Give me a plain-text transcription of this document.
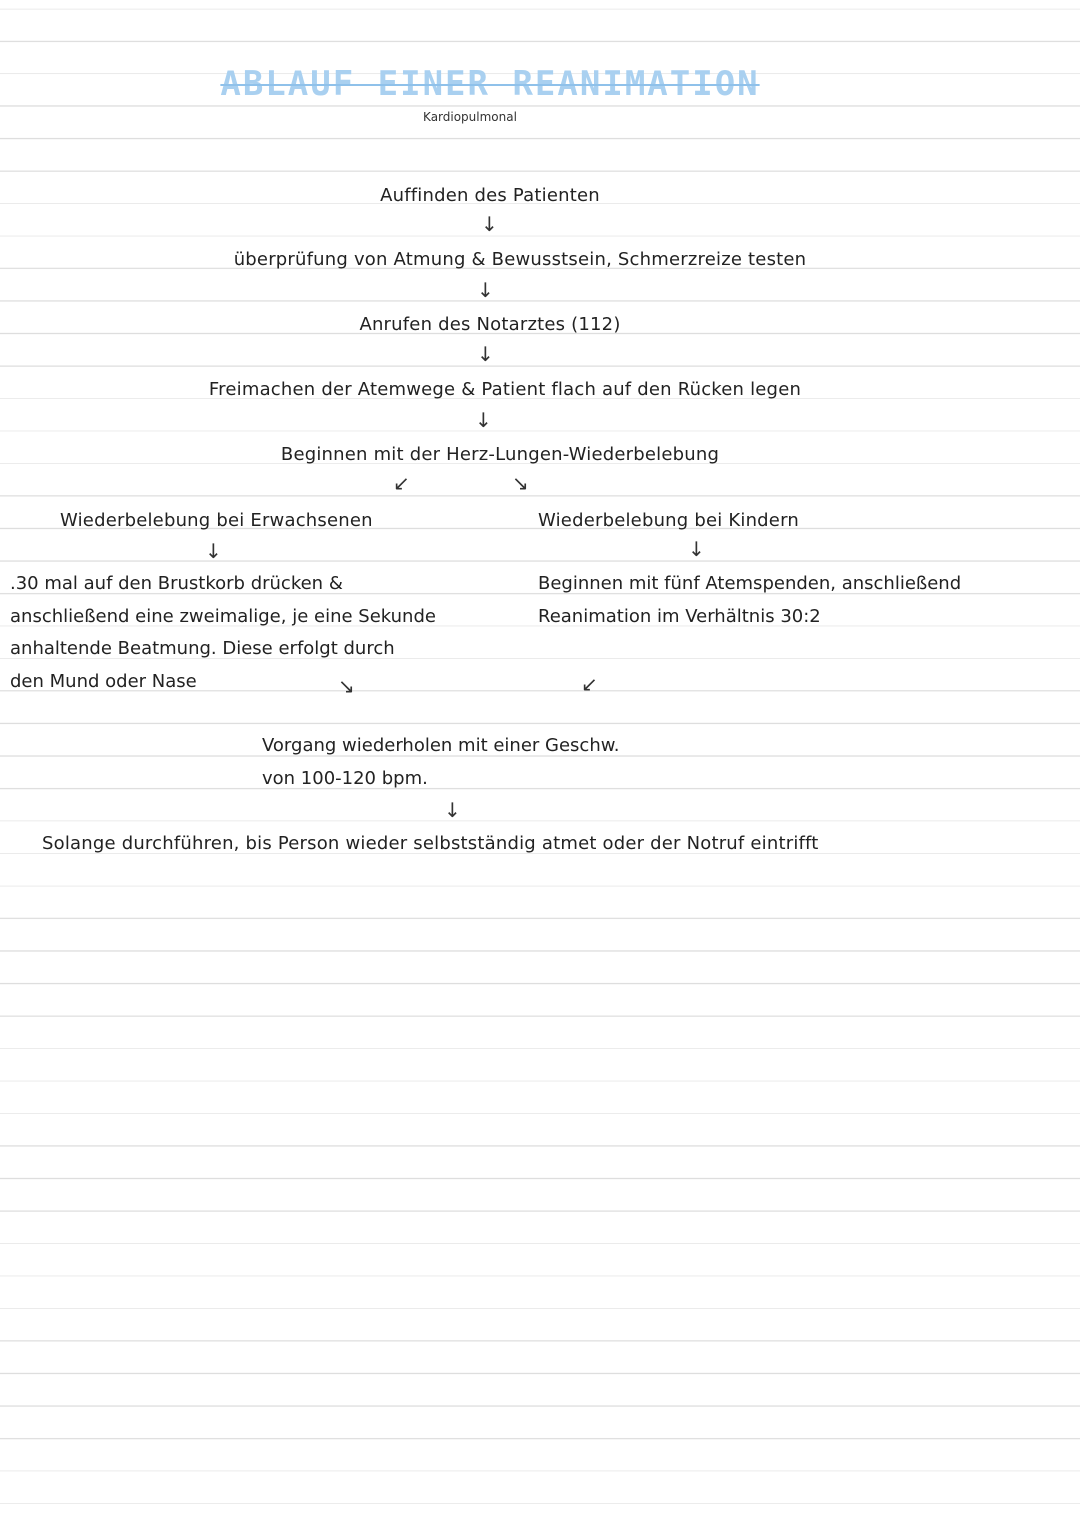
ABLAUF EINER REANIMATION
Kardiopulmonal
Auffinden des Patienten
↓
überprüfung von Atmung & Bewusstsein, Schmerzreize testen
↓
Anrufen des Notarztes (112)
↓
Freimachen der Atemwege & Patient flach auf den Rücken legen
↓
Beginnen mit der Herz-Lungen-Wiederbelebung
↙	↘
Wiederbelebung bei Erwachsenen
↓
.30 mal auf den Brustkorb drücken &
anschließend eine zweimalige, je eine Sekunde
anhaltende Beatmung. Diese erfolgt durch
den Mund oder Nase	↘
Wiederbelebung bei Kindern
↓
Beginnen mit fünf Atemspenden, anschließend
Reanimation im Verhältnis 30:2
↙
Vorgang wiederholen mit einer Geschw.
von 100-120 bpm.
↓
Solange durchführen, bis Person wieder selbstständig atmet oder der Notruf eintrifft
